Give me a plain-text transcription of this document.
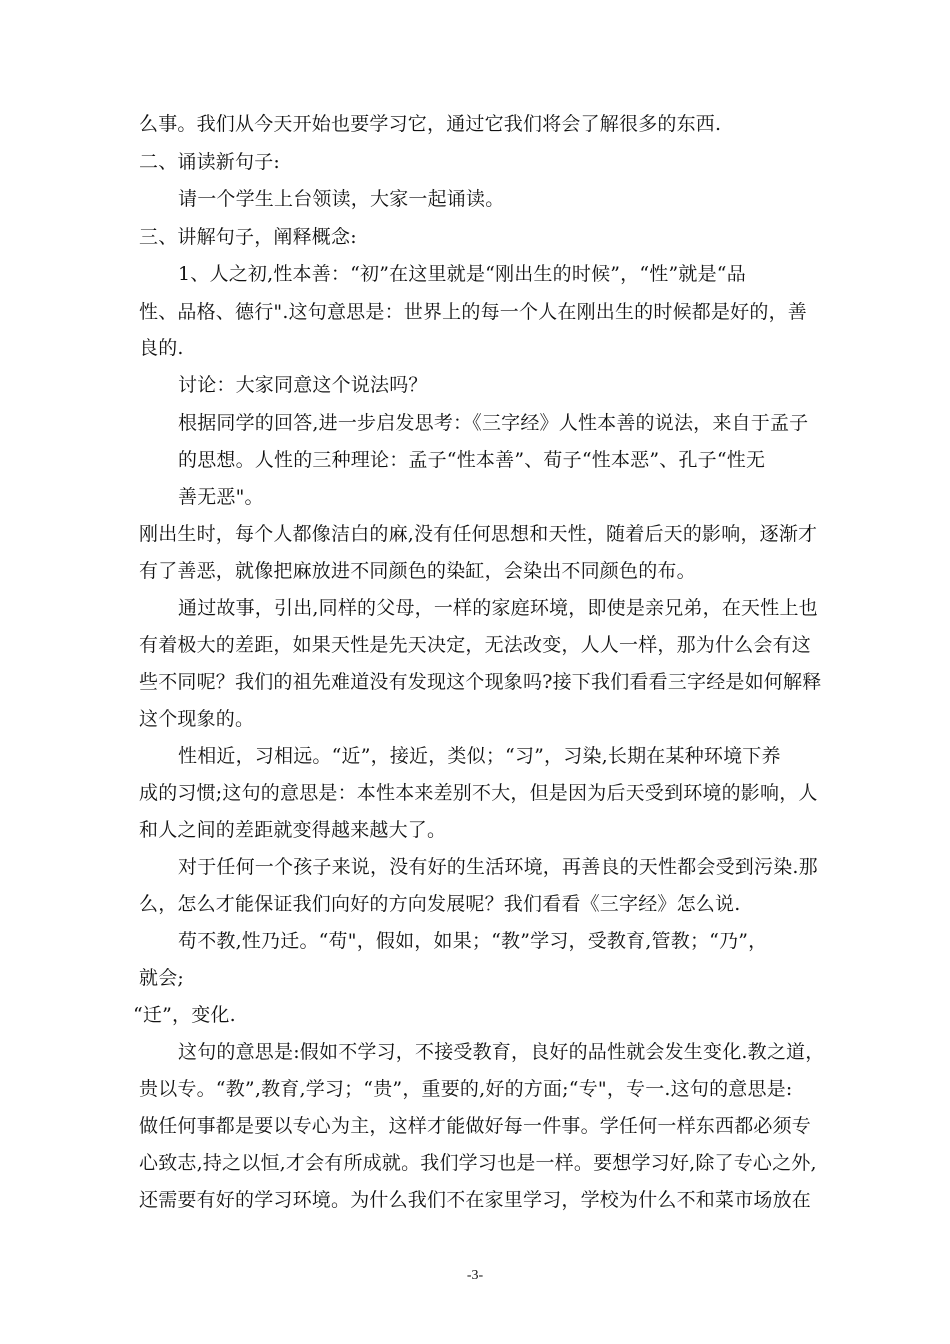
么事。我们从今天开始也要学习它，通过它我们将会了解很多的东西.
二、诵读新句子:
请一个学生上台领读，大家一起诵读。
三、讲解句子，阐释概念:
1、人之初,性本善：“初”在这里就是“刚出生的时候”，“性”就是“品
性、品格、德行".这句意思是：世界上的每一个人在刚出生的时候都是好的，善
良的.
讨论：大家同意这个说法吗？
根据同学的回答,进一步启发思考：《三字经》人性本善的说法，来自于孟子
的思想。人性的三种理论：孟子“性本善”、荀子“性本恶”、孔子“性无
善无恶"。
刚出生时，每个人都像洁白的麻,没有任何思想和天性，随着后天的影响，逐渐才
有了善恶，就像把麻放进不同颜色的染缸，会染出不同颜色的布。
通过故事，引出,同样的父母，一样的家庭环境，即使是亲兄弟，在天性上也
有着极大的差距，如果天性是先天决定，无法改变，人人一样，那为什么会有这
些不同呢？我们的祖先难道没有发现这个现象吗?接下我们看看三字经是如何解释
这个现象的。
性相近，习相远。“近”，接近，类似；“习”，习染,长期在某种环境下养
成的习惯;这句的意思是：本性本来差别不大，但是因为后天受到环境的影响，人
和人之间的差距就变得越来越大了。
对于任何一个孩子来说，没有好的生活环境，再善良的天性都会受到污染.那
么，怎么才能保证我们向好的方向发展呢？我们看看《三字经》怎么说.
苟不教,性乃迁。“苟"，假如，如果；“教”学习，受教育,管教；“乃”，
就会;
“迁”，变化.
这句的意思是:假如不学习，不接受教育，良好的品性就会发生变化.教之道，
贵以专。“教”,教育,学习；“贵”，重要的,好的方面;“专"，专一.这句的意思是:
做任何事都是要以专心为主，这样才能做好每一件事。学任何一样东西都必须专
心致志,持之以恒,才会有所成就。我们学习也是一样。要想学习好,除了专心之外,
还需要有好的学习环境。为什么我们不在家里学习，学校为什么不和菜市场放在
-3-
